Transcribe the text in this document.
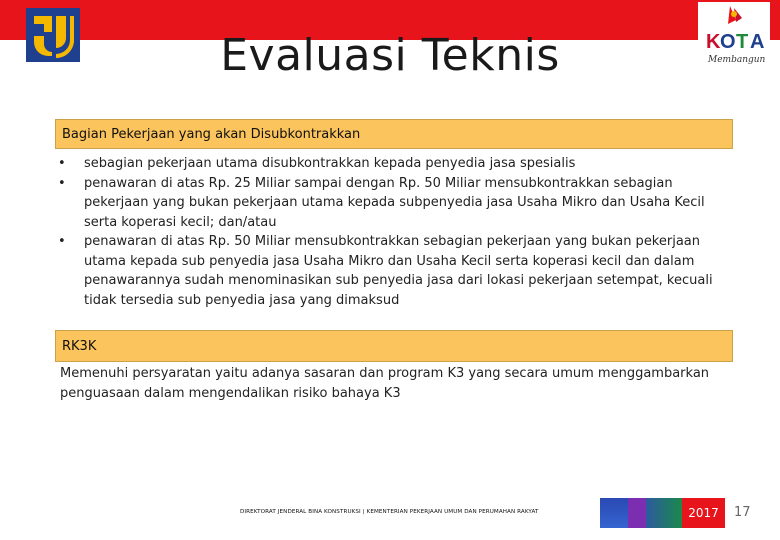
K O T A
Membangun
Evaluasi Teknis
Bagian Pekerjaan yang akan Disubkontrakkan
•	sebagian pekerjaan utama disubkontrakkan kepada penyedia jasa spesialis
•	penawaran di atas Rp. 25 Miliar sampai dengan Rp. 50 Miliar mensubkontrakkan sebagian pekerjaan yang bukan pekerjaan utama kepada subpenyedia jasa Usaha Mikro dan Usaha Kecil serta koperasi kecil; dan/atau
•	penawaran di atas Rp. 50 Miliar mensubkontrakkan sebagian pekerjaan yang bukan pekerjaan utama kepada sub penyedia jasa Usaha Mikro dan Usaha Kecil serta koperasi kecil dan dalam penawarannya sudah menominasikan sub penyedia jasa dari lokasi pekerjaan setempat, kecuali tidak tersedia sub penyedia jasa yang dimaksud
RK3K
Memenuhi persyaratan yaitu adanya sasaran dan program K3 yang secara umum menggambarkan penguasaan dalam mengendalikan risiko bahaya K3
DIREKTORAT JENDERAL BINA KONSTRUKSI | KEMENTERIAN PEKERJAAN UMUM DAN PERUMAHAN RAKYAT	2017	17
